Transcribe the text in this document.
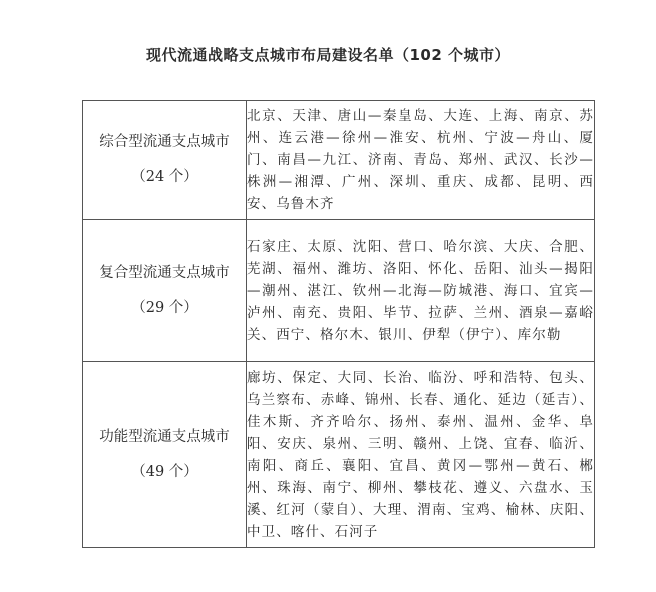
现代流通战略支点城市布局建设名单（102 个城市）
综合型流通支点城市
（24 个）	北京、天津、唐山—秦皇岛、大连、上海、南京、苏州、连云港—徐州—淮安、杭州、宁波—舟山、厦门、南昌—九江、济南、青岛、郑州、武汉、长沙—株洲—湘潭、广州、深圳、重庆、成都、昆明、西安、乌鲁木齐

复合型流通支点城市
（29 个）	石家庄、太原、沈阳、营口、哈尔滨、大庆、合肥、芜湖、福州、潍坊、洛阳、怀化、岳阳、汕头—揭阳—潮州、湛江、钦州—北海—防城港、海口、宜宾—泸州、南充、贵阳、毕节、拉萨、兰州、酒泉—嘉峪关、西宁、格尔木、银川、伊犁（伊宁）、库尔勒

功能型流通支点城市
（49 个）	廊坊、保定、大同、长治、临汾、呼和浩特、包头、乌兰察布、赤峰、锦州、长春、通化、延边（延吉）、佳木斯、齐齐哈尔、扬州、泰州、温州、金华、阜阳、安庆、泉州、三明、赣州、上饶、宜春、临沂、南阳、商丘、襄阳、宜昌、黄冈—鄂州—黄石、郴州、珠海、南宁、柳州、攀枝花、遵义、六盘水、玉溪、红河（蒙自）、大理、渭南、宝鸡、榆林、庆阳、中卫、喀什、石河子
